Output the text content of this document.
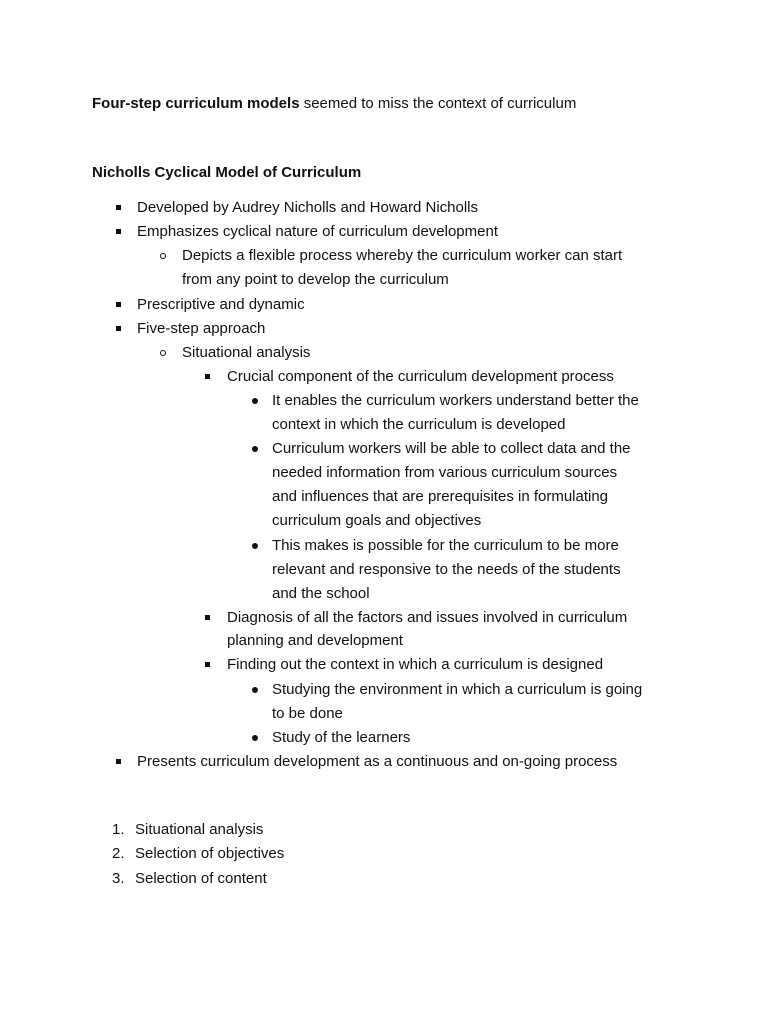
Four-step curriculum models seemed to miss the context of curriculum
Nicholls Cyclical Model of Curriculum
Developed by Audrey Nicholls and Howard Nicholls
Emphasizes cyclical nature of curriculum development
Depicts a flexible process whereby the curriculum worker can start
from any point to develop the curriculum
Prescriptive and dynamic
Five-step approach
Situational analysis
Crucial component of the curriculum development process
It enables the curriculum workers understand better the
context in which the curriculum is developed
Curriculum workers will be able to collect data and the
needed information from various curriculum sources
and influences that are prerequisites in formulating
curriculum goals and objectives
This makes is possible for the curriculum to be more
relevant and responsive to the needs of the students
and the school
Diagnosis of all the factors and issues involved in curriculum
planning and development
Finding out the context in which a curriculum is designed
Studying the environment in which a curriculum is going
to be done
Study of the learners
Presents curriculum development as a continuous and on-going process
1. Situational analysis
2. Selection of objectives
3. Selection of content
